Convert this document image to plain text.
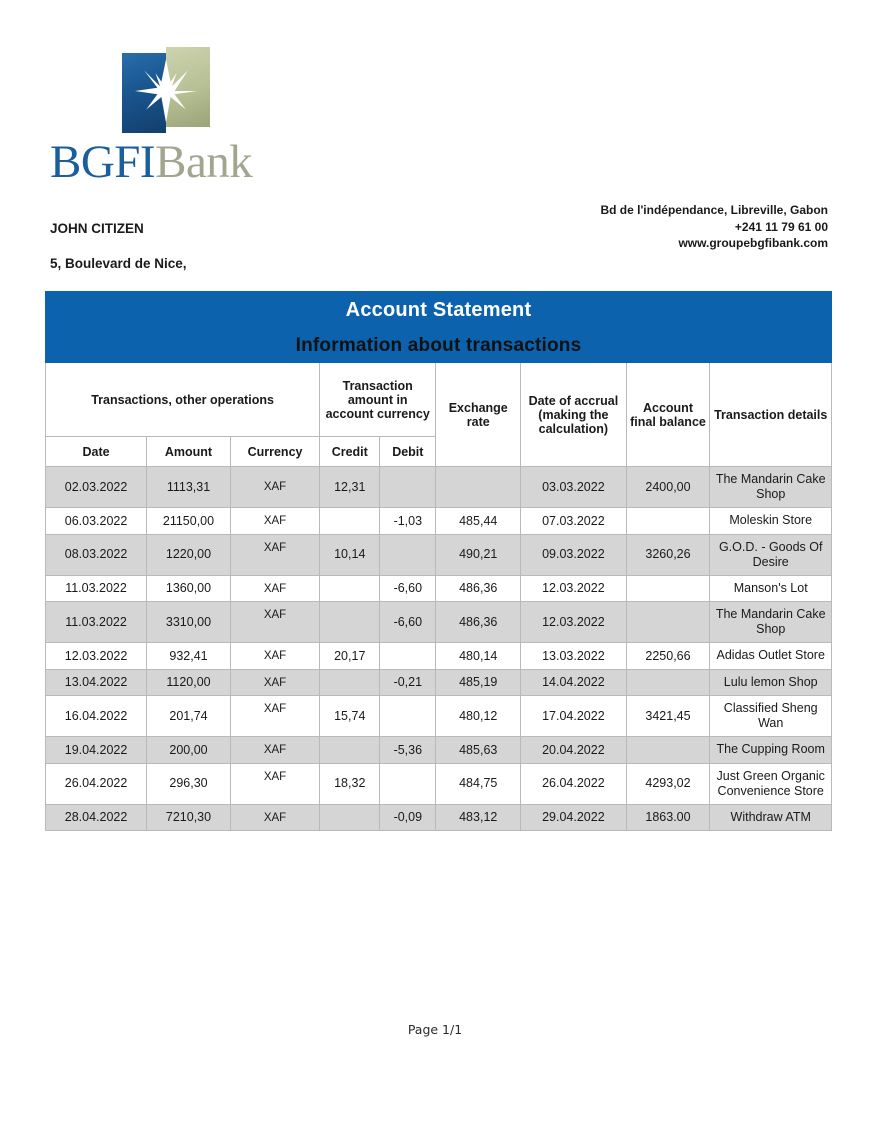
BGFIBank

JOHN CITIZEN

5, Boulevard de Nice,

Bd de l'indépendance, Libreville, Gabon
+241 11 79 61 00
www.groupebgfibank.com
Account Statement								
Information about transactions								
Transactions, other operations			Transaction amount in account currency		Exchange rate	Date of accrual (making the calculation)	Account final balance	Transaction details
Date	Amount	Currency	Credit	Debit				
02.03.2022	1113,31	XAF	12,31			03.03.2022	2400,00	The Mandarin Cake Shop
06.03.2022	21150,00	XAF		-1,03	485,44	07.03.2022		Moleskin Store
08.03.2022	1220,00	XAF	10,14		490,21	09.03.2022	3260,26	G.O.D. - Goods Of Desire
11.03.2022	1360,00	XAF		-6,60	486,36	12.03.2022		Manson's Lot
11.03.2022	3310,00	XAF		-6,60	486,36	12.03.2022		The Mandarin Cake Shop
12.03.2022	932,41	XAF	20,17		480,14	13.03.2022	2250,66	Adidas Outlet Store
13.04.2022	1120,00	XAF		-0,21	485,19	14.04.2022		Lulu lemon Shop
16.04.2022	201,74	XAF	15,74		480,12	17.04.2022	3421,45	Classified Sheng Wan
19.04.2022	200,00	XAF		-5,36	485,63	20.04.2022		The Cupping Room
26.04.2022	296,30	XAF	18,32		484,75	26.04.2022	4293,02	Just Green Organic Convenience Store
28.04.2022	7210,30	XAF		-0,09	483,12	29.04.2022	1863.00	Withdraw ATM
Page 1/1
